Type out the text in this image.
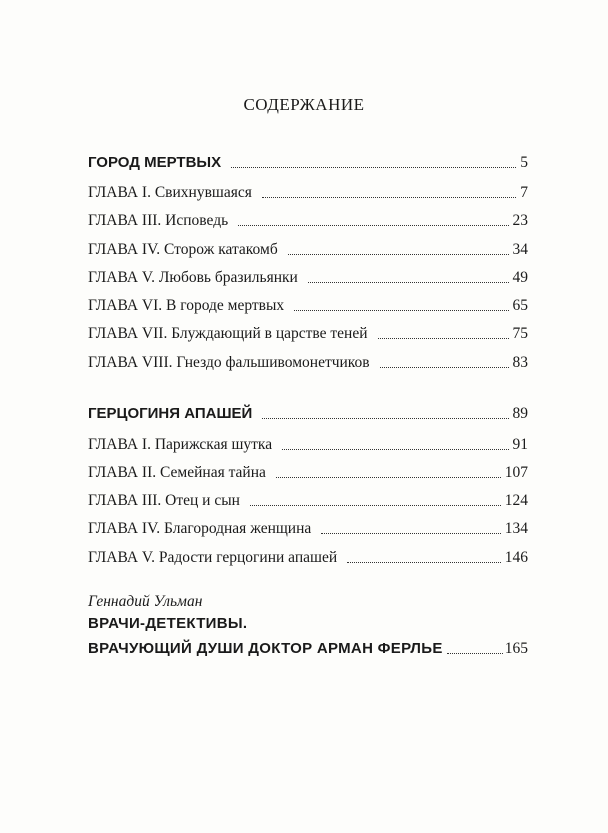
СОДЕРЖАНИЕ
ГОРОД МЕРТВЫХ	5
ГЛАВА I. Свихнувшаяся	7
ГЛАВА III. Исповедь	23
ГЛАВА IV. Сторож катакомб	34
ГЛАВА V. Любовь бразильянки	49
ГЛАВА VI. В городе мертвых	65
ГЛАВА VII. Блуждающий в царстве теней	75
ГЛАВА VIII. Гнездо фальшивомонетчиков	83
ГЕРЦОГИНЯ АПАШЕЙ	89
ГЛАВА I. Парижская шутка	91
ГЛАВА II. Семейная тайна	107
ГЛАВА III. Отец и сын	124
ГЛАВА IV. Благородная женщина	134
ГЛАВА V. Радости герцогини апашей	146
Геннадий Ульман
ВРАЧИ-ДЕТЕКТИВЫ.
ВРАЧУЮЩИЙ ДУШИ ДОКТОР АРМАН ФЕРЛЬЕ	165
